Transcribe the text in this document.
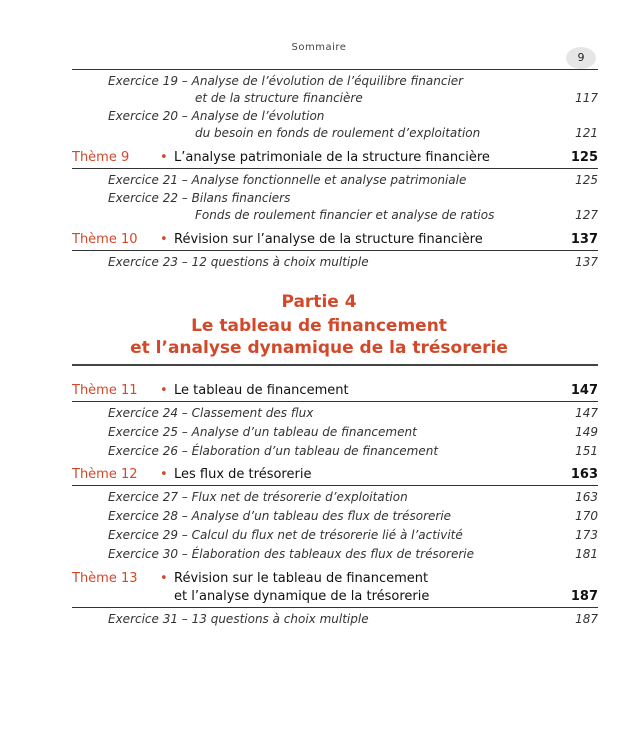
Sommaire
9
Exercice 19 – Analyse de l’évolution de l’équilibre financier
et de la structure financière	117
Exercice 20 – Analyse de l’évolution
du besoin en fonds de roulement d’exploitation	121
Thème 9 • L’analyse patrimoniale de la structure financière	125
Exercice 21 – Analyse fonctionnelle et analyse patrimoniale	125
Exercice 22 – Bilans financiers
Fonds de roulement financier et analyse de ratios	127
Thème 10 • Révision sur l’analyse de la structure financière	137
Exercice 23 – 12 questions à choix multiple	137
Partie 4
Le tableau de financement
et l’analyse dynamique de la trésorerie
Thème 11 • Le tableau de financement	147
Exercice 24 – Classement des flux	147
Exercice 25 – Analyse d’un tableau de financement	149
Exercice 26 – Élaboration d’un tableau de financement	151
Thème 12 • Les flux de trésorerie	163
Exercice 27 – Flux net de trésorerie d’exploitation	163
Exercice 28 – Analyse d’un tableau des flux de trésorerie	170
Exercice 29 – Calcul du flux net de trésorerie lié à l’activité	173
Exercice 30 – Élaboration des tableaux des flux de trésorerie	181
Thème 13 • Révision sur le tableau de financement
et l’analyse dynamique de la trésorerie	187
Exercice 31 – 13 questions à choix multiple	187
